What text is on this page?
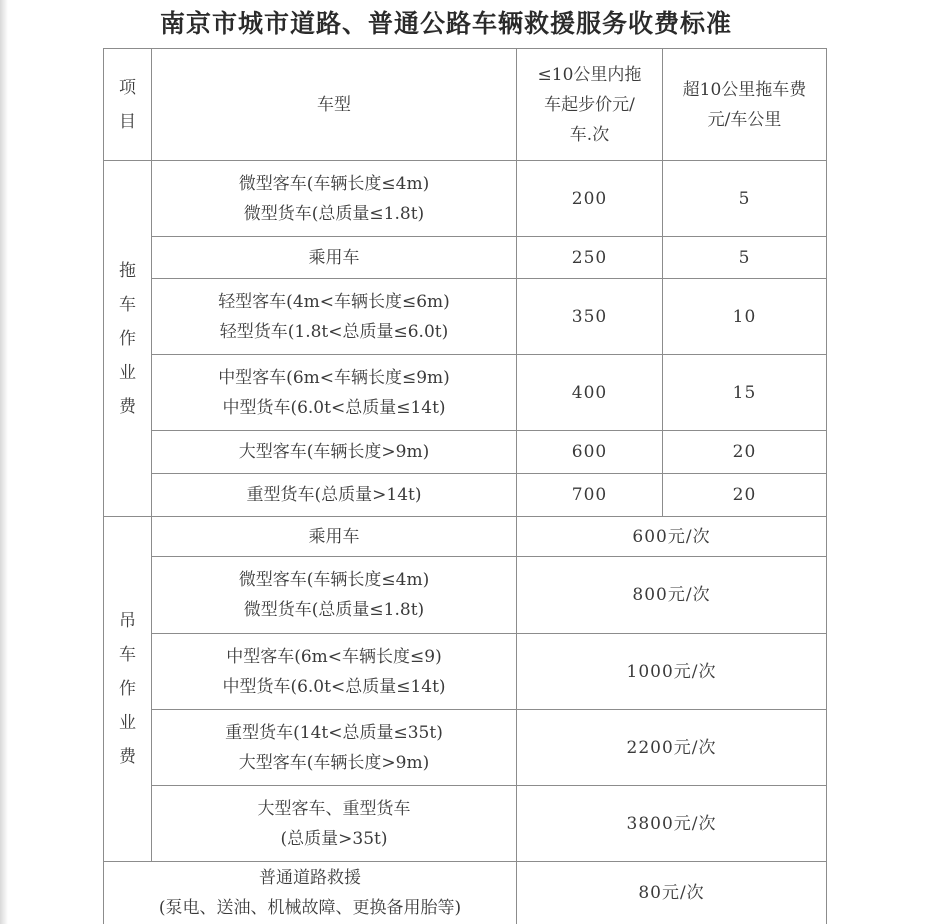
南京市城市道路、普通公路车辆救援服务收费标准
项目	车型	≤10公里内拖
车起步价元/
车.次	超10公里拖车费
元/车公里

拖车作业费	微型客车(车辆长度≤4m)
微型货车(总质量≤1.8t)	200	5

	乘用车	250	5

	轻型客车(4m<车辆长度≤6m)
轻型货车(1.8t<总质量≤6.0t)	350	10

	中型客车(6m<车辆长度≤9m)
中型货车(6.0t<总质量≤14t)	400	15

	大型客车(车辆长度>9m)	600	20

	重型货车(总质量>14t)	700	20

吊车作业费	乘用车	600元/次	

	微型客车(车辆长度≤4m)
微型货车(总质量≤1.8t)	800元/次	

	中型客车(6m<车辆长度≤9)
中型货车(6.0t<总质量≤14t)	1000元/次	

	重型货车(14t<总质量≤35t)
大型客车(车辆长度>9m)	2200元/次	

	大型客车、重型货车
(总质量>35t)	3800元/次	

普通道路救援
(泵电、送油、机械故障、更换备用胎等)		80元/次	
